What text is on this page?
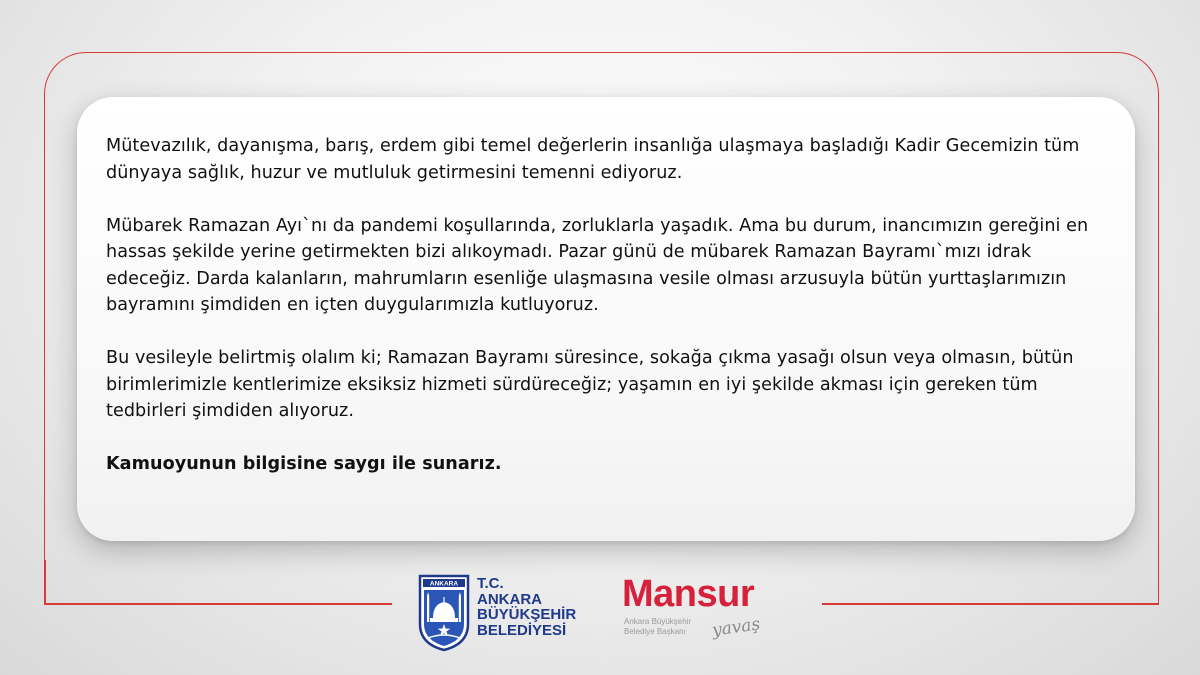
Mütevazılık, dayanışma, barış, erdem gibi temel değerlerin insanlığa ulaşmaya başladığı Kadir Gecemizin tüm dünyaya sağlık, huzur ve mutluluk getirmesini temenni ediyoruz.

Mübarek Ramazan Ayı`nı da pandemi koşullarında, zorluklarla yaşadık. Ama bu durum, inancımızın gereğini en hassas şekilde yerine getirmekten bizi alıkoymadı. Pazar günü de mübarek Ramazan Bayramı`mızı idrak edeceğiz. Darda kalanların, mahrumların esenliğe ulaşmasına vesile olması arzusuyla bütün yurttaşlarımızın bayramını şimdiden en içten duygularımızla kutluyoruz.

Bu vesileyle belirtmiş olalım ki; Ramazan Bayramı süresince, sokağa çıkma yasağı olsun veya olmasın, bütün birimlerimizle kentlerimize eksiksiz hizmeti sürdüreceğiz; yaşamın en iyi şekilde akması için gereken tüm tedbirleri şimdiden alıyoruz.

Kamuoyunun bilgisine saygı ile sunarız.

ANKARA T.C.
ANKARA
BÜYÜKŞEHİR
BELEDİYESİ
Mansur
Ankara Büyükşehir
Belediye Başkanı	yavaş
